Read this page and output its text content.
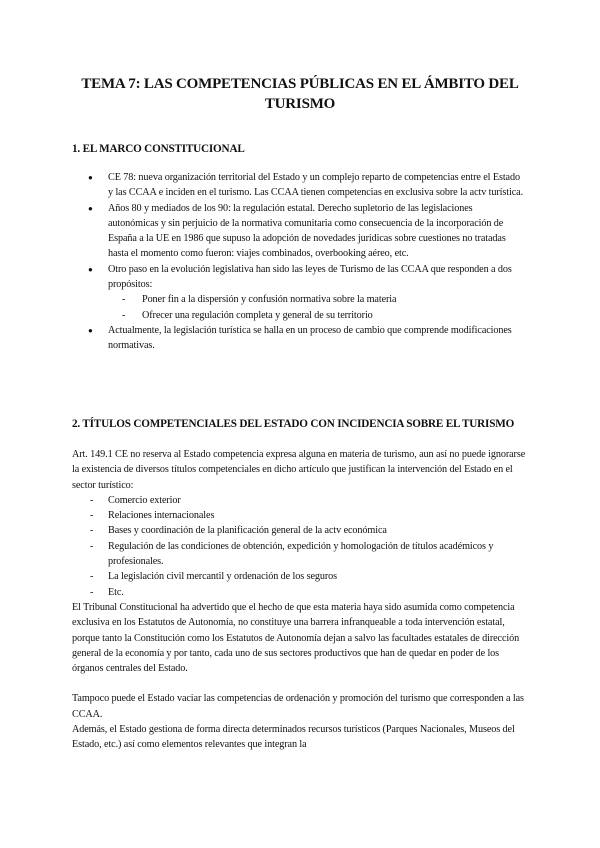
TEMA 7: LAS COMPETENCIAS PÚBLICAS EN EL ÁMBITO DEL TURISMO
1. EL MARCO CONSTITUCIONAL
● CE 78: nueva organización territorial del Estado y un complejo reparto de competencias entre el Estado y las CCAA e inciden en el turismo. Las CCAA tienen competencias en exclusiva sobre la actv turística.
● Años 80 y mediados de los 90: la regulación estatal. Derecho supletorio de las legislaciones autonómicas y sin perjuicio de la normativa comunitaria como consecuencia de la incorporación de España a la UE en 1986 que supuso la adopción de novedades jurídicas sobre cuestiones no tratadas hasta el momento como fueron: viajes combinados, overbooking aéreo, etc.
● Otro paso en la evolución legislativa han sido las leyes de Turismo de las CCAA que responden a dos propósitos:
- Poner fin a la dispersión y confusión normativa sobre la materia
- Ofrecer una regulación completa y general de su territorio
● Actualmente, la legislación turística se halla en un proceso de cambio que comprende modificaciones normativas.
2. TÍTULOS COMPETENCIALES DEL ESTADO CON INCIDENCIA SOBRE EL TURISMO

Art. 149.1 CE no reserva al Estado competencia expresa alguna en materia de turismo, aun así no puede ignorarse la existencia de diversos títulos competenciales en dicho artículo que justifican la intervención del Estado en el sector turístico:

- Comercio exterior
- Relaciones internacionales
- Bases y coordinación de la planificación general de la actv económica
- Regulación de las condiciones de obtención, expedición y homologación de títulos académicos y profesionales.
- La legislación civil mercantil y ordenación de los seguros
- Etc.

El Tribunal Constitucional ha advertido que el hecho de que esta materia haya sido asumida como competencia exclusiva en los Estatutos de Autonomía, no constituye una barrera infranqueable a toda intervención estatal, porque tanto la Constitución como los Estatutos de Autonomía dejan a salvo las facultades estatales de dirección general de la economía y por tanto, cada uno de sus sectores productivos que han de quedar en poder de los órganos centrales del Estado.

Tampoco puede el Estado vaciar las competencias de ordenación y promoción del turismo que corresponden a las CCAA.

Además, el Estado gestiona de forma directa determinados recursos turísticos (Parques Nacionales, Museos del Estado, etc.) así como elementos relevantes que integran la
